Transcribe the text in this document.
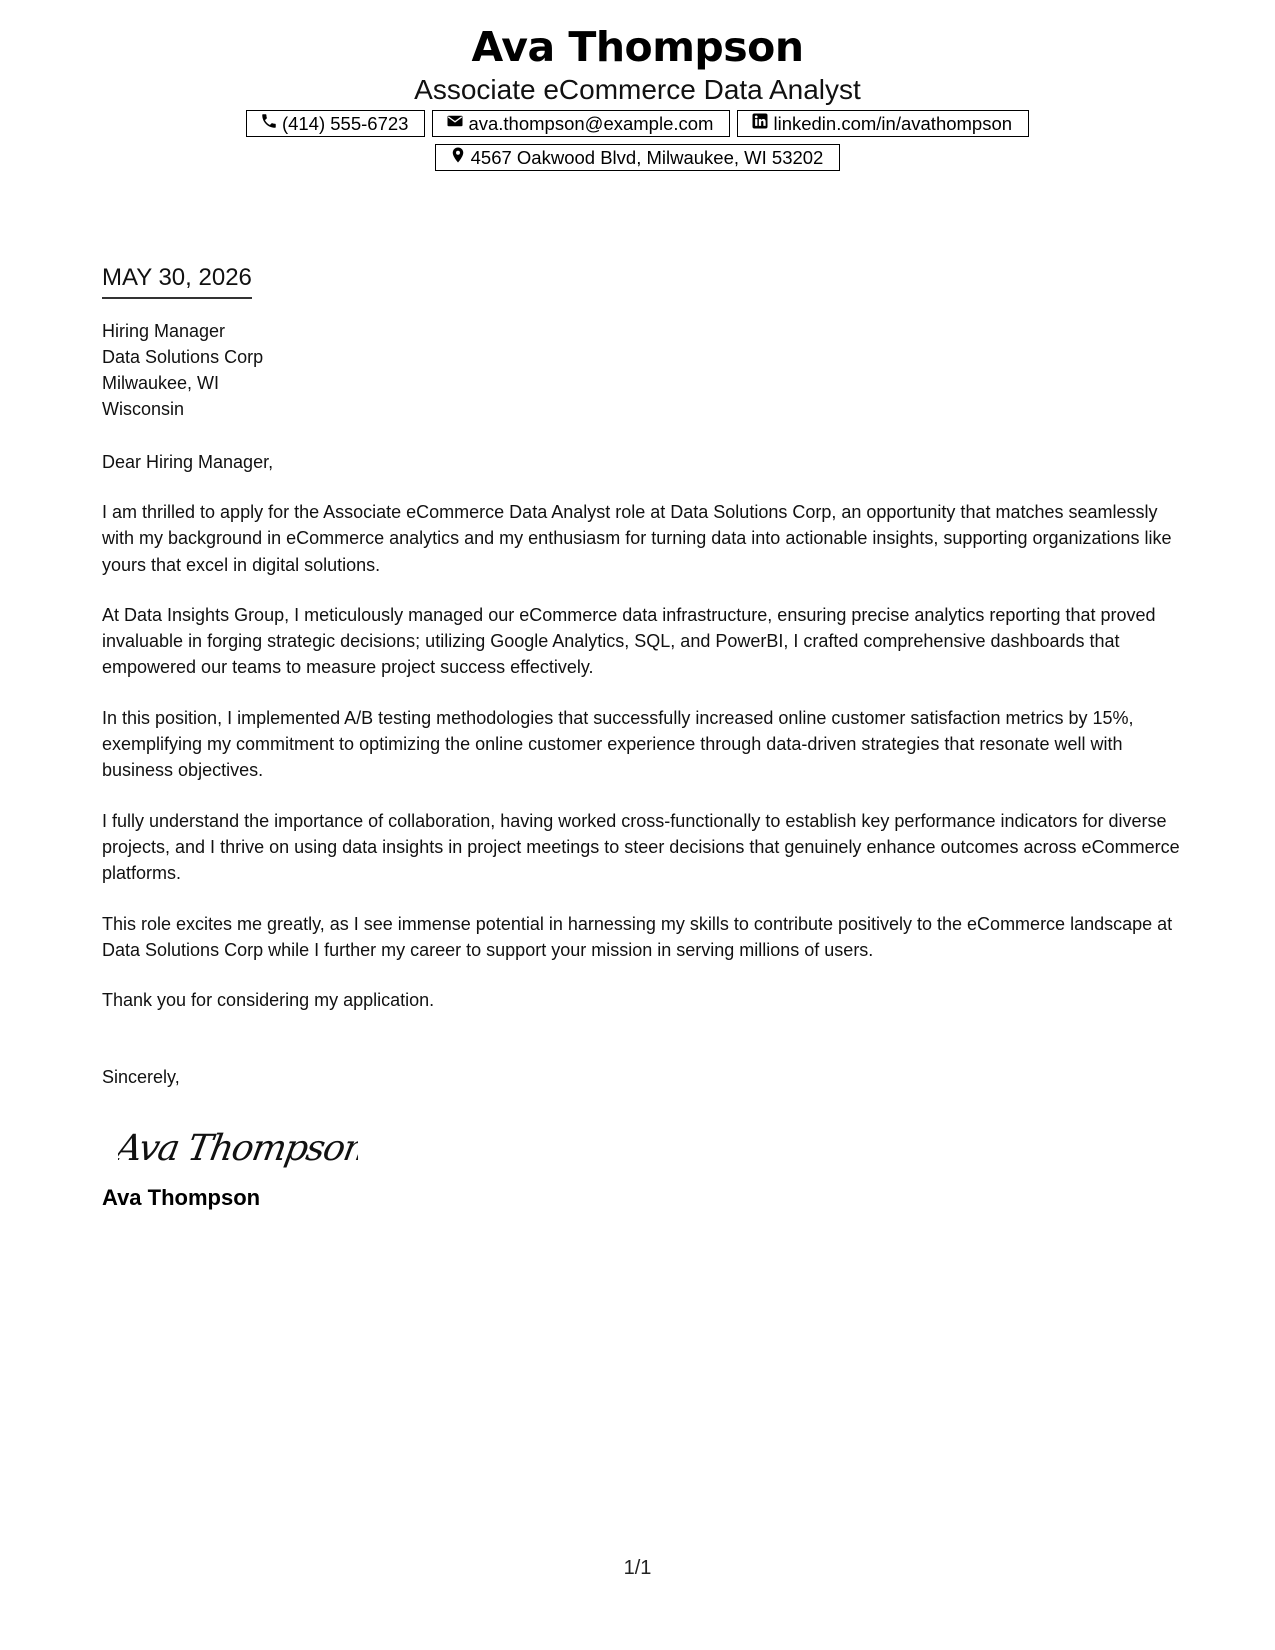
Ava Thompson
Associate eCommerce Data Analyst
(414) 555-6723	ava.thompson@example.com	linkedin.com/in/avathompson
4567 Oakwood Blvd, Milwaukee, WI 53202
MAY 30, 2026
Hiring Manager
Data Solutions Corp
Milwaukee, WI
Wisconsin
Dear Hiring Manager,
I am thrilled to apply for the Associate eCommerce Data Analyst role at Data Solutions Corp, an opportunity that matches seamlessly with my background in eCommerce analytics and my enthusiasm for turning data into actionable insights, supporting organizations like yours that excel in digital solutions.
At Data Insights Group, I meticulously managed our eCommerce data infrastructure, ensuring precise analytics reporting that proved invaluable in forging strategic decisions; utilizing Google Analytics, SQL, and PowerBI, I crafted comprehensive dashboards that empowered our teams to measure project success effectively.
In this position, I implemented A/B testing methodologies that successfully increased online customer satisfaction metrics by 15%, exemplifying my commitment to optimizing the online customer experience through data-driven strategies that resonate well with business objectives.
I fully understand the importance of collaboration, having worked cross-functionally to establish key performance indicators for diverse projects, and I thrive on using data insights in project meetings to steer decisions that genuinely enhance outcomes across eCommerce platforms.
This role excites me greatly, as I see immense potential in harnessing my skills to contribute positively to the eCommerce landscape at Data Solutions Corp while I further my career to support your mission in serving millions of users.
Thank you for considering my application.
Sincerely,
Ava Thompson
Ava Thompson
1/1
